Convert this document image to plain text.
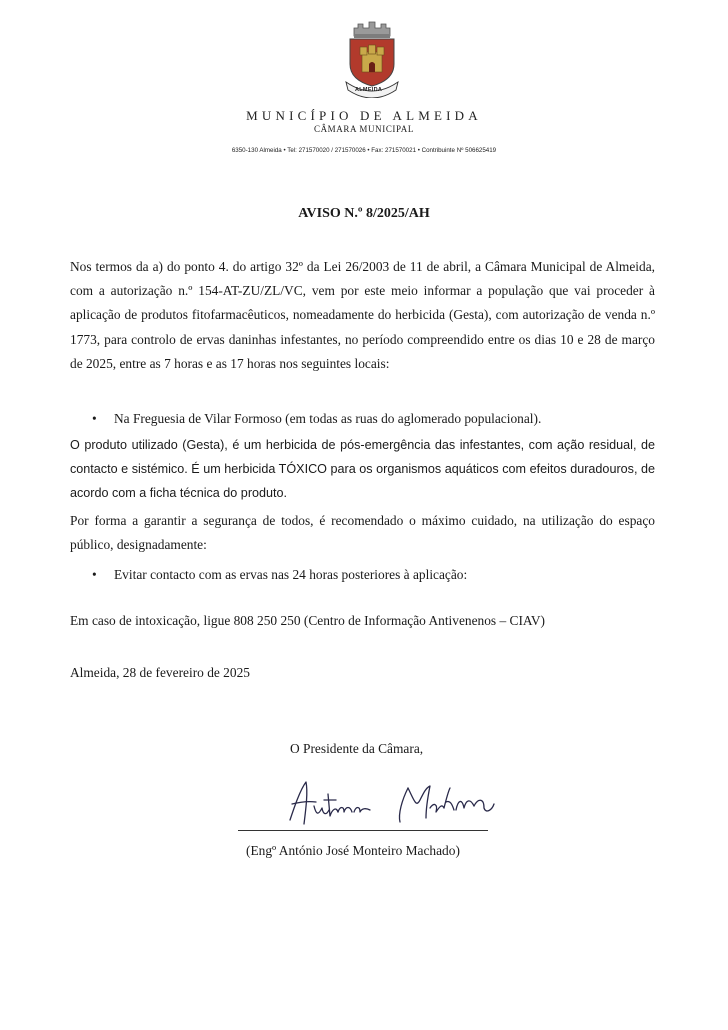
ALMEIDA
MUNICÍPIO DE ALMEIDA
CÂMARA MUNICIPAL
6350-130 Almeida • Tel: 271570020 / 271570026 • Fax: 271570021 • Contribuinte Nº 506625419
AVISO N.º 8/2025/AH

Nos termos da a) do ponto 4. do artigo 32º da Lei 26/2003 de 11 de abril, a Câmara Municipal de Almeida, com a autorização n.º 154-AT-ZU/ZL/VC, vem por este meio informar a população que vai proceder à aplicação de produtos fitofarmacêuticos, nomeadamente do herbicida (Gesta), com autorização de venda n.º 1773, para controlo de ervas daninhas infestantes, no período compreendido entre os dias 10 e 28 de março de 2025, entre as 7 horas e as 17 horas nos seguintes locais:

• Na Freguesia de Vilar Formoso (em todas as ruas do aglomerado populacional).

O produto utilizado (Gesta), é um herbicida de pós-emergência das infestantes, com ação residual, de contacto e sistémico. É um herbicida TÓXICO para os organismos aquáticos com efeitos duradouros, de acordo com a ficha técnica do produto.

Por forma a garantir a segurança de todos, é recomendado o máximo cuidado, na utilização do espaço público, designadamente:

• Evitar contacto com as ervas nas 24 horas posteriores à aplicação:

Em caso de intoxicação, ligue 808 250 250 (Centro de Informação Antivenenos – CIAV)

Almeida, 28 de fevereiro de 2025

O Presidente da Câmara,
(Engº António José Monteiro Machado)
